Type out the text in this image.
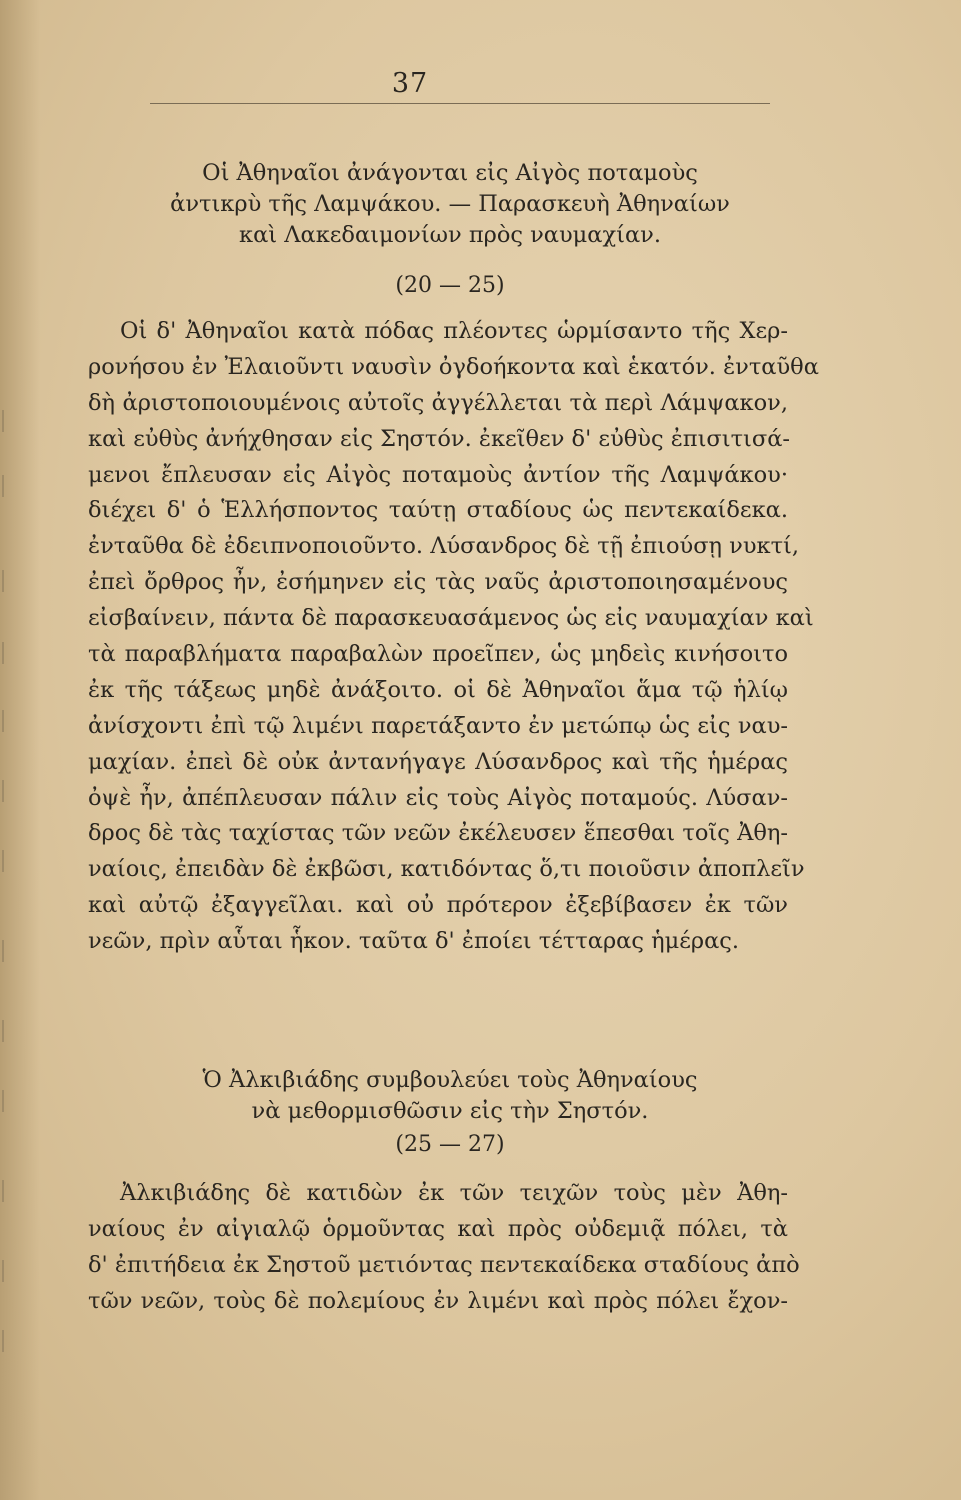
37
Οἱ Ἀθηναῖοι ἀνάγονται εἰς Αἰγὸς ποταμοὺς
ἀντικρὺ τῆς Λαμψάκου. — Παρασκευὴ Ἀθηναίων
καὶ Λακεδαιμονίων πρὸς ναυμαχίαν.
(20 — 25)
Οἱ δ' Ἀθηναῖοι κατὰ πόδας πλέοντες ὡρμίσαντο τῆς Χερ-
ρονήσου ἐν Ἐλαιοῦντι ναυσὶν ὀγδοήκοντα καὶ ἑκατόν. ἐνταῦθα
δὴ ἀριστοποιουμένοις αὐτοῖς ἀγγέλλεται τὰ περὶ Λάμψακον,
καὶ εὐθὺς ἀνήχθησαν εἰς Σηστόν. ἐκεῖθεν δ' εὐθὺς ἐπισιτισά-
μενοι ἔπλευσαν εἰς Αἰγὸς ποταμοὺς ἀντίον τῆς Λαμψάκου·
διέχει δ' ὁ Ἑλλήσποντος ταύτῃ σταδίους ὡς πεντεκαίδεκα.
ἐνταῦθα δὲ ἐδειπνοποιοῦντο. Λύσανδρος δὲ τῇ ἐπιούσῃ νυκτί,
ἐπεὶ ὄρθρος ἦν, ἐσήμηνεν εἰς τὰς ναῦς ἀριστοποιησαμένους
εἰσβαίνειν, πάντα δὲ παρασκευασάμενος ὡς εἰς ναυμαχίαν καὶ
τὰ παραβλήματα παραβαλὼν προεῖπεν, ὡς μηδεὶς κινήσοιτο
ἐκ τῆς τάξεως μηδὲ ἀνάξοιτο. οἱ δὲ Ἀθηναῖοι ἅμα τῷ ἡλίῳ
ἀνίσχοντι ἐπὶ τῷ λιμένι παρετάξαντο ἐν μετώπῳ ὡς εἰς ναυ-
μαχίαν. ἐπεὶ δὲ οὐκ ἀντανήγαγε Λύσανδρος καὶ τῆς ἡμέρας
ὀψὲ ἦν, ἀπέπλευσαν πάλιν εἰς τοὺς Αἰγὸς ποταμούς. Λύσαν-
δρος δὲ τὰς ταχίστας τῶν νεῶν ἐκέλευσεν ἕπεσθαι τοῖς Ἀθη-
ναίοις, ἐπειδὰν δὲ ἐκβῶσι, κατιδόντας ὅ,τι ποιοῦσιν ἀποπλεῖν
καὶ αὐτῷ ἐξαγγεῖλαι. καὶ οὐ πρότερον ἐξεβίβασεν ἐκ τῶν
νεῶν, πρὶν αὗται ἧκον. ταῦτα δ' ἐποίει τέτταρας ἡμέρας.
Ὁ Ἀλκιβιάδης συμβουλεύει τοὺς Ἀθηναίους
νὰ μεθορμισθῶσιν εἰς τὴν Σηστόν.
(25 — 27)
Ἀλκιβιάδης δὲ κατιδὼν ἐκ τῶν τειχῶν τοὺς μὲν Ἀθη-
ναίους ἐν αἰγιαλῷ ὁρμοῦντας καὶ πρὸς οὐδεμιᾷ πόλει, τὰ
δ' ἐπιτήδεια ἐκ Σηστοῦ μετιόντας πεντεκαίδεκα σταδίους ἀπὸ
τῶν νεῶν, τοὺς δὲ πολεμίους ἐν λιμένι καὶ πρὸς πόλει ἔχον-
